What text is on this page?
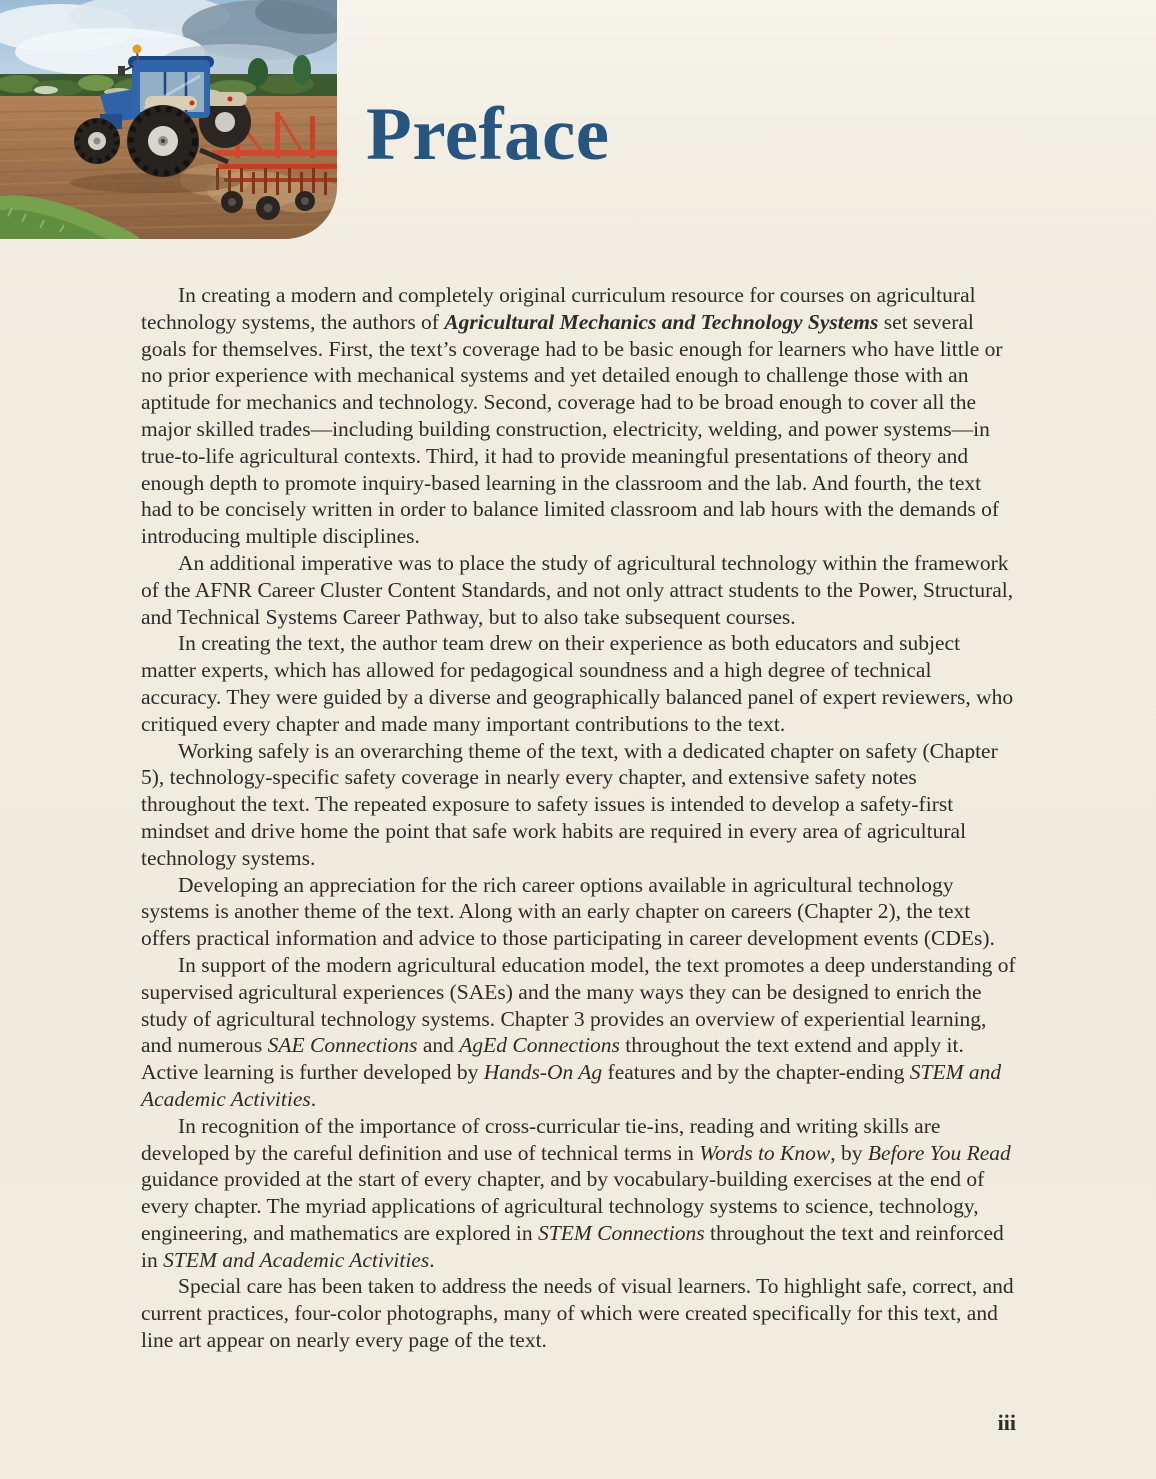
Preface

In creating a modern and completely original curriculum resource for courses on agricultural technology systems, the authors of Agricultural Mechanics and Technology Systems set several goals for themselves. First, the text’s coverage had to be basic enough for learners who have little or no prior experience with mechanical systems and yet detailed enough to challenge those with an aptitude for mechanics and technology. Second, coverage had to be broad enough to cover all the major skilled trades—including building construction, electricity, welding, and power systems—in true-to-life agricultural contexts. Third, it had to provide meaningful presentations of theory and enough depth to promote inquiry-based learning in the classroom and the lab. And fourth, the text had to be concisely written in order to balance limited classroom and lab hours with the demands of introducing multiple disciplines.

An additional imperative was to place the study of agricultural technology within the framework of the AFNR Career Cluster Content Standards, and not only attract students to the Power, Structural, and Technical Systems Career Pathway, but to also take subsequent courses.

In creating the text, the author team drew on their experience as both educators and subject matter experts, which has allowed for pedagogical soundness and a high degree of technical accuracy. They were guided by a diverse and geographically balanced panel of expert reviewers, who critiqued every chapter and made many important contributions to the text.

Working safely is an overarching theme of the text, with a dedicated chapter on safety (Chapter 5), technology-specific safety coverage in nearly every chapter, and extensive safety notes throughout the text. The repeated exposure to safety issues is intended to develop a safety-first mindset and drive home the point that safe work habits are required in every area of agricultural technology systems.

Developing an appreciation for the rich career options available in agricultural technology systems is another theme of the text. Along with an early chapter on careers (Chapter 2), the text offers practical information and advice to those participating in career development events (CDEs).

In support of the modern agricultural education model, the text promotes a deep understanding of supervised agricultural experiences (SAEs) and the many ways they can be designed to enrich the study of agricultural technology systems. Chapter 3 provides an overview of experiential learning, and numerous SAE Connections and AgEd Connections throughout the text extend and apply it. Active learning is further developed by Hands-On Ag features and by the chapter-ending STEM and Academic Activities.

In recognition of the importance of cross-curricular tie-ins, reading and writing skills are developed by the careful definition and use of technical terms in Words to Know, by Before You Read guidance provided at the start of every chapter, and by vocabulary-building exercises at the end of every chapter. The myriad applications of agricultural technology systems to science, technology, engineering, and mathematics are explored in STEM Connections throughout the text and reinforced in STEM and Academic Activities.

Special care has been taken to address the needs of visual learners. To highlight safe, correct, and current practices, four-color photographs, many of which were created specifically for this text, and line art appear on nearly every page of the text.

iii
